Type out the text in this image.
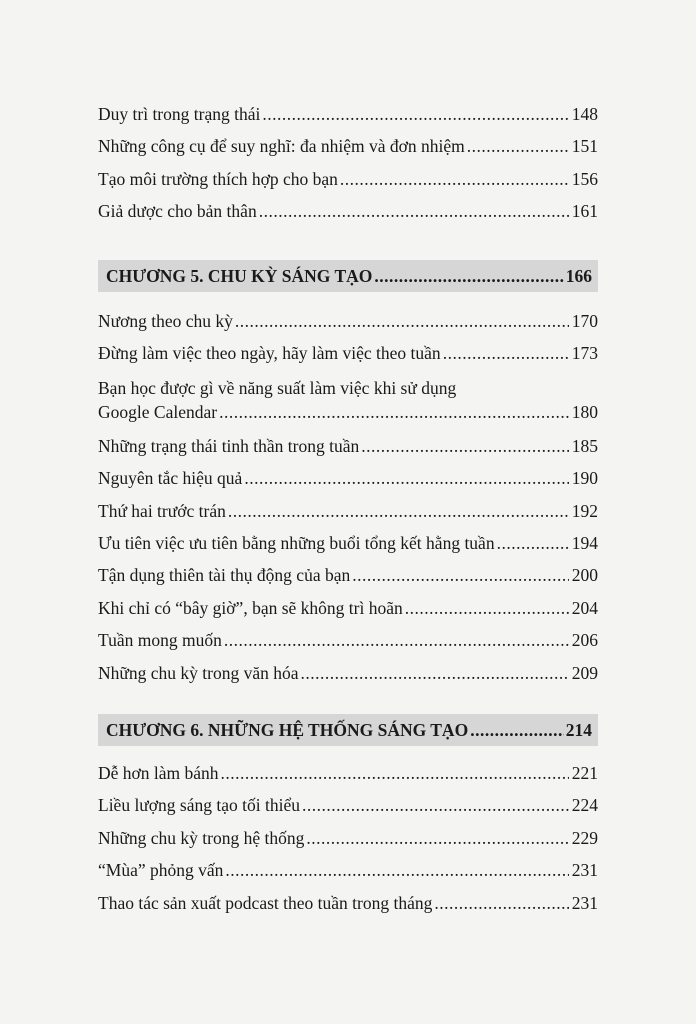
Duy trì trong trạng thái .....	148
Những công cụ để suy nghĩ: đa nhiệm và đơn nhiệm .....	151
Tạo môi trường thích hợp cho bạn .....	156
Giả dược cho bản thân .....	161
CHƯƠNG 5. CHU KỲ SÁNG TẠO .....	166
Nương theo chu kỳ .....	170
Đừng làm việc theo ngày, hãy làm việc theo tuần .....	173
Bạn học được gì về năng suất làm việc khi sử dụng
Google Calendar .....	180
Những trạng thái tinh thần trong tuần .....	185
Nguyên tắc hiệu quả .....	190
Thứ hai trước trán .....	192
Ưu tiên việc ưu tiên bằng những buổi tổng kết hằng tuần .....	194
Tận dụng thiên tài thụ động của bạn .....	200
Khi chỉ có “bây giờ”, bạn sẽ không trì hoãn .....	204
Tuần mong muốn .....	206
Những chu kỳ trong văn hóa .....	209
CHƯƠNG 6. NHỮNG HỆ THỐNG SÁNG TẠO .....	214
Dễ hơn làm bánh .....	221
Liều lượng sáng tạo tối thiểu .....	224
Những chu kỳ trong hệ thống .....	229
“Mùa” phỏng vấn .....	231
Thao tác sản xuất podcast theo tuần trong tháng .....	231
